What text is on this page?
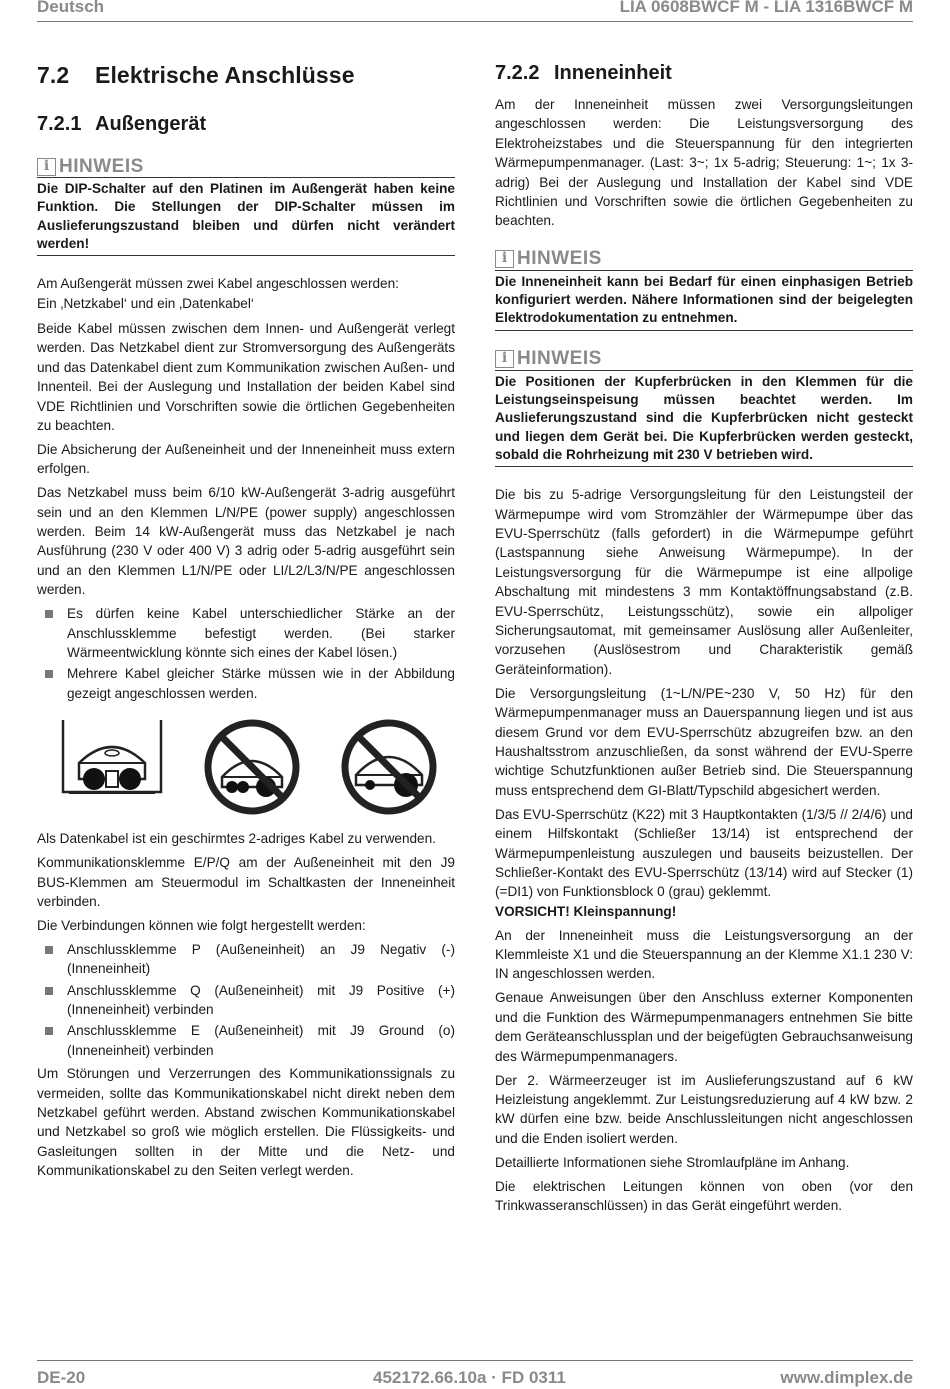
Deutsch	LIA 0608BWCF M - LIA 1316BWCF M
7.2 Elektrische Anschlüsse
7.2.1 Außengerät
i HINWEIS
Die DIP-Schalter auf den Platinen im Außengerät haben keine Funktion. Die Stellungen der DIP-Schalter müssen im Auslieferungszustand bleiben und dürfen nicht verändert werden!

Am Außengerät müssen zwei Kabel angeschlossen werden:
Ein ‚Netzkabel‘ und ein ‚Datenkabel‘

Beide Kabel müssen zwischen dem Innen- und Außengerät verlegt werden. Das Netzkabel dient zur Stromversorgung des Außengeräts und das Datenkabel dient zum Kommunikation zwischen Außen- und Innenteil. Bei der Auslegung und Installation der beiden Kabel sind VDE Richtlinien und Vorschriften sowie die örtlichen Gegebenheiten zu beachten.

Die Absicherung der Außeneinheit und der Inneneinheit muss extern erfolgen.

Das Netzkabel muss beim 6/10 kW-Außengerät 3-adrig ausgeführt sein und an den Klemmen L/N/PE (power supply) angeschlossen werden. Beim 14 kW-Außengerät muss das Netzkabel je nach Ausführung (230 V oder 400 V) 3 adrig oder 5-adrig ausgeführt sein und an den Klemmen L1/N/PE oder LI/L2/L3/N/PE angeschlossen werden.

Es dürfen keine Kabel unterschiedlicher Stärke an der Anschlussklemme befestigt werden. (Bei starker Wärmeentwicklung könnte sich eines der Kabel lösen.)
Mehrere Kabel gleicher Stärke müssen wie in der Abbildung gezeigt angeschlossen werden.

Als Datenkabel ist ein geschirmtes 2-adriges Kabel zu verwenden.

Kommunikationsklemme E/P/Q am der Außeneinheit mit den J9 BUS-Klemmen am Steuermodul im Schaltkasten der Inneneinheit verbinden.

Die Verbindungen können wie folgt hergestellt werden:

Anschlussklemme P (Außeneinheit) an J9 Negativ (-) (Inneneinheit)
Anschlussklemme Q (Außeneinheit) mit J9 Positive (+) (Inneneinheit) verbinden
Anschlussklemme E (Außeneinheit) mit J9 Ground (o) (Inneneinheit) verbinden

Um Störungen und Verzerrungen des Kommunikationssignals zu vermeiden, sollte das Kommunikationskabel nicht direkt neben dem Netzkabel geführt werden. Abstand zwischen Kommunikationskabel und Netzkabel so groß wie möglich erstellen. Die Flüssigkeits- und Gasleitungen sollten in der Mitte und die Netz- und Kommunikationskabel zu den Seiten verlegt werden.

7.2.2 Inneneinheit

Am der Inneneinheit müssen zwei Versorgungsleitungen angeschlossen werden: Die Leistungsversorgung des Elektroheizstabes und die Steuerspannung für den integrierten Wärmepumpenmanager. (Last: 3~; 1x 5-adrig; Steuerung: 1~; 1x 3-adrig) Bei der Auslegung und Installation der Kabel sind VDE Richtlinien und Vorschriften sowie die örtlichen Gegebenheiten zu beachten.

i HINWEIS
Die Inneneinheit kann bei Bedarf für einen einphasigen Betrieb konfiguriert werden. Nähere Informationen sind der beigelegten Elektrodokumentation zu entnehmen.
i HINWEIS
Die Positionen der Kupferbrücken in den Klemmen für die Leistungseinspeisung müssen beachtet werden. Im Auslieferungszustand sind die Kupferbrücken nicht gesteckt und liegen dem Gerät bei. Die Kupferbrücken werden gesteckt, sobald die Rohrheizung mit 230 V betrieben wird.

Die bis zu 5-adrige Versorgungsleitung für den Leistungsteil der Wärmepumpe wird vom Stromzähler der Wärmepumpe über das EVU-Sperrschütz (falls gefordert) in die Wärmepumpe geführt (Lastspannung siehe Anweisung Wärmepumpe). In der Leistungsversorgung für die Wärmepumpe ist eine allpolige Abschaltung mit mindestens 3 mm Kontaktöffnungsabstand (z.B. EVU-Sperrschütz, Leistungsschütz), sowie ein allpoliger Sicherungsautomat, mit gemeinsamer Auslösung aller Außenleiter, vorzusehen (Auslösestrom und Charakteristik gemäß Geräteinformation).

Die Versorgungsleitung (1~L/N/PE~230 V, 50 Hz) für den Wärmepumpenmanager muss an Dauerspannung liegen und ist aus diesem Grund vor dem EVU-Sperrschütz abzugreifen bzw. an den Haushaltsstrom anzuschließen, da sonst während der EVU-Sperre wichtige Schutzfunktionen außer Betrieb sind. Die Steuerspannung muss entsprechend dem GI-Blatt/Typschild abgesichert werden.

Das EVU-Sperrschütz (K22) mit 3 Hauptkontakten (1/3/5 // 2/4/6) und einem Hilfskontakt (Schließer 13/14) ist entsprechend der Wärmepumpenleistung auszulegen und bauseits beizustellen. Der Schließer-Kontakt des EVU-Sperrschütz (13/14) wird auf Stecker (1) (=DI1) von Funktionsblock 0 (grau) geklemmt.
VORSICHT! Kleinspannung!

An der Inneneinheit muss die Leistungsversorgung an der Klemmleiste X1 und die Steuerspannung an der Klemme X1.1 230 V: IN angeschlossen werden.

Genaue Anweisungen über den Anschluss externer Komponenten und die Funktion des Wärmepumpenmanagers entnehmen Sie bitte dem Geräteanschlussplan und der beigefügten Gebrauchsanweisung des Wärmepumpenmanagers.

Der 2. Wärmeerzeuger ist im Auslieferungszustand auf 6 kW Heizleistung angeklemmt. Zur Leistungsreduzierung auf 4 kW bzw. 2 kW dürfen eine bzw. beide Anschlussleitungen nicht angeschlossen und die Enden isoliert werden.

Detaillierte Informationen siehe Stromlaufpläne im Anhang.

Die elektrischen Leitungen können von oben (vor den Trinkwasseranschlüssen) in das Gerät eingeführt werden.

DE-20	452172.66.10a · FD 0311	www.dimplex.de
